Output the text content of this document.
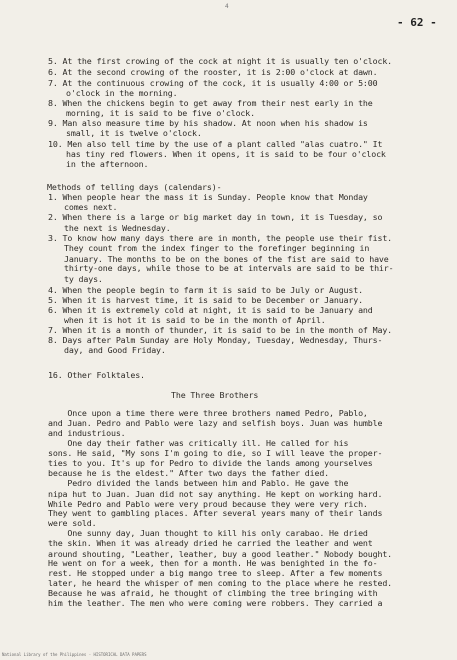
4
- 62 -
5. At the first crowing of the cock at night it is usually ten o'clock.
6. At the second crowing of the rooster, it is 2:00 o'clock at dawn.
7. At the continuous crowing of the cock, it is usually 4:00 or 5:00
o'clock in the morning.
8. When the chickens begin to get away from their nest early in the
morning, it is said to be five o'clock.
9. Man also measure time by his shadow. At noon when his shadow is
small, it is twelve o'clock.
10. Men also tell time by the use of a plant called "alas cuatro." It
has tiny red flowers. When it opens, it is said to be four o'clock
in the afternoon.
Methods of telling days (calendars)-
1. When people hear the mass it is Sunday. People know that Monday
comes next.
2. When there is a large or big market day in town, it is Tuesday, so
the next is Wednesday.
3. To know how many days there are in month, the people use their fist.
They count from the index finger to the forefinger beginning in
January. The months to be on the bones of the fist are said to have
thirty-one days, while those to be at intervals are said to be thir-
ty days.
4. When the people begin to farm it is said to be July or August.
5. When it is harvest time, it is said to be December or January.
6. When it is extremely cold at night, it is said to be January and
when it is hot it is said to be in the month of April.
7. When it is a month of thunder, it is said to be in the month of May.
8. Days after Palm Sunday are Holy Monday, Tuesday, Wednesday, Thurs-
day, and Good Friday.
16. Other Folktales.
The Three Brothers
Once upon a time there were three brothers named Pedro, Pablo,
and Juan. Pedro and Pablo were lazy and selfish boys. Juan was humble
and industrious.
One day their father was critically ill. He called for his
sons. He said, "My sons I'm going to die, so I will leave the proper-
ties to you. It's up for Pedro to divide the lands among yourselves
because he is the eldest." After two days the father died.
Pedro divided the lands between him and Pablo. He gave the
nipa hut to Juan. Juan did not say anything. He kept on working hard.
While Pedro and Pablo were very proud because they were very rich.
They went to gambling places. After several years many of their lands
were sold.
One sunny day, Juan thought to kill his only carabao. He dried
the skin. When it was already dried he carried the leather and went
around shouting, "Leather, leather, buy a good leather." Nobody bought.
He went on for a week, then for a month. He was benighted in the fo-
rest. He stopped under a big mango tree to sleep. After a few moments
later, he heard the whisper of men coming to the place where he rested.
Because he was afraid, he thought of climbing the tree bringing with
him the leather. The men who were coming were robbers. They carried a
National Library of the Philippines · HISTORICAL DATA PAPERS
